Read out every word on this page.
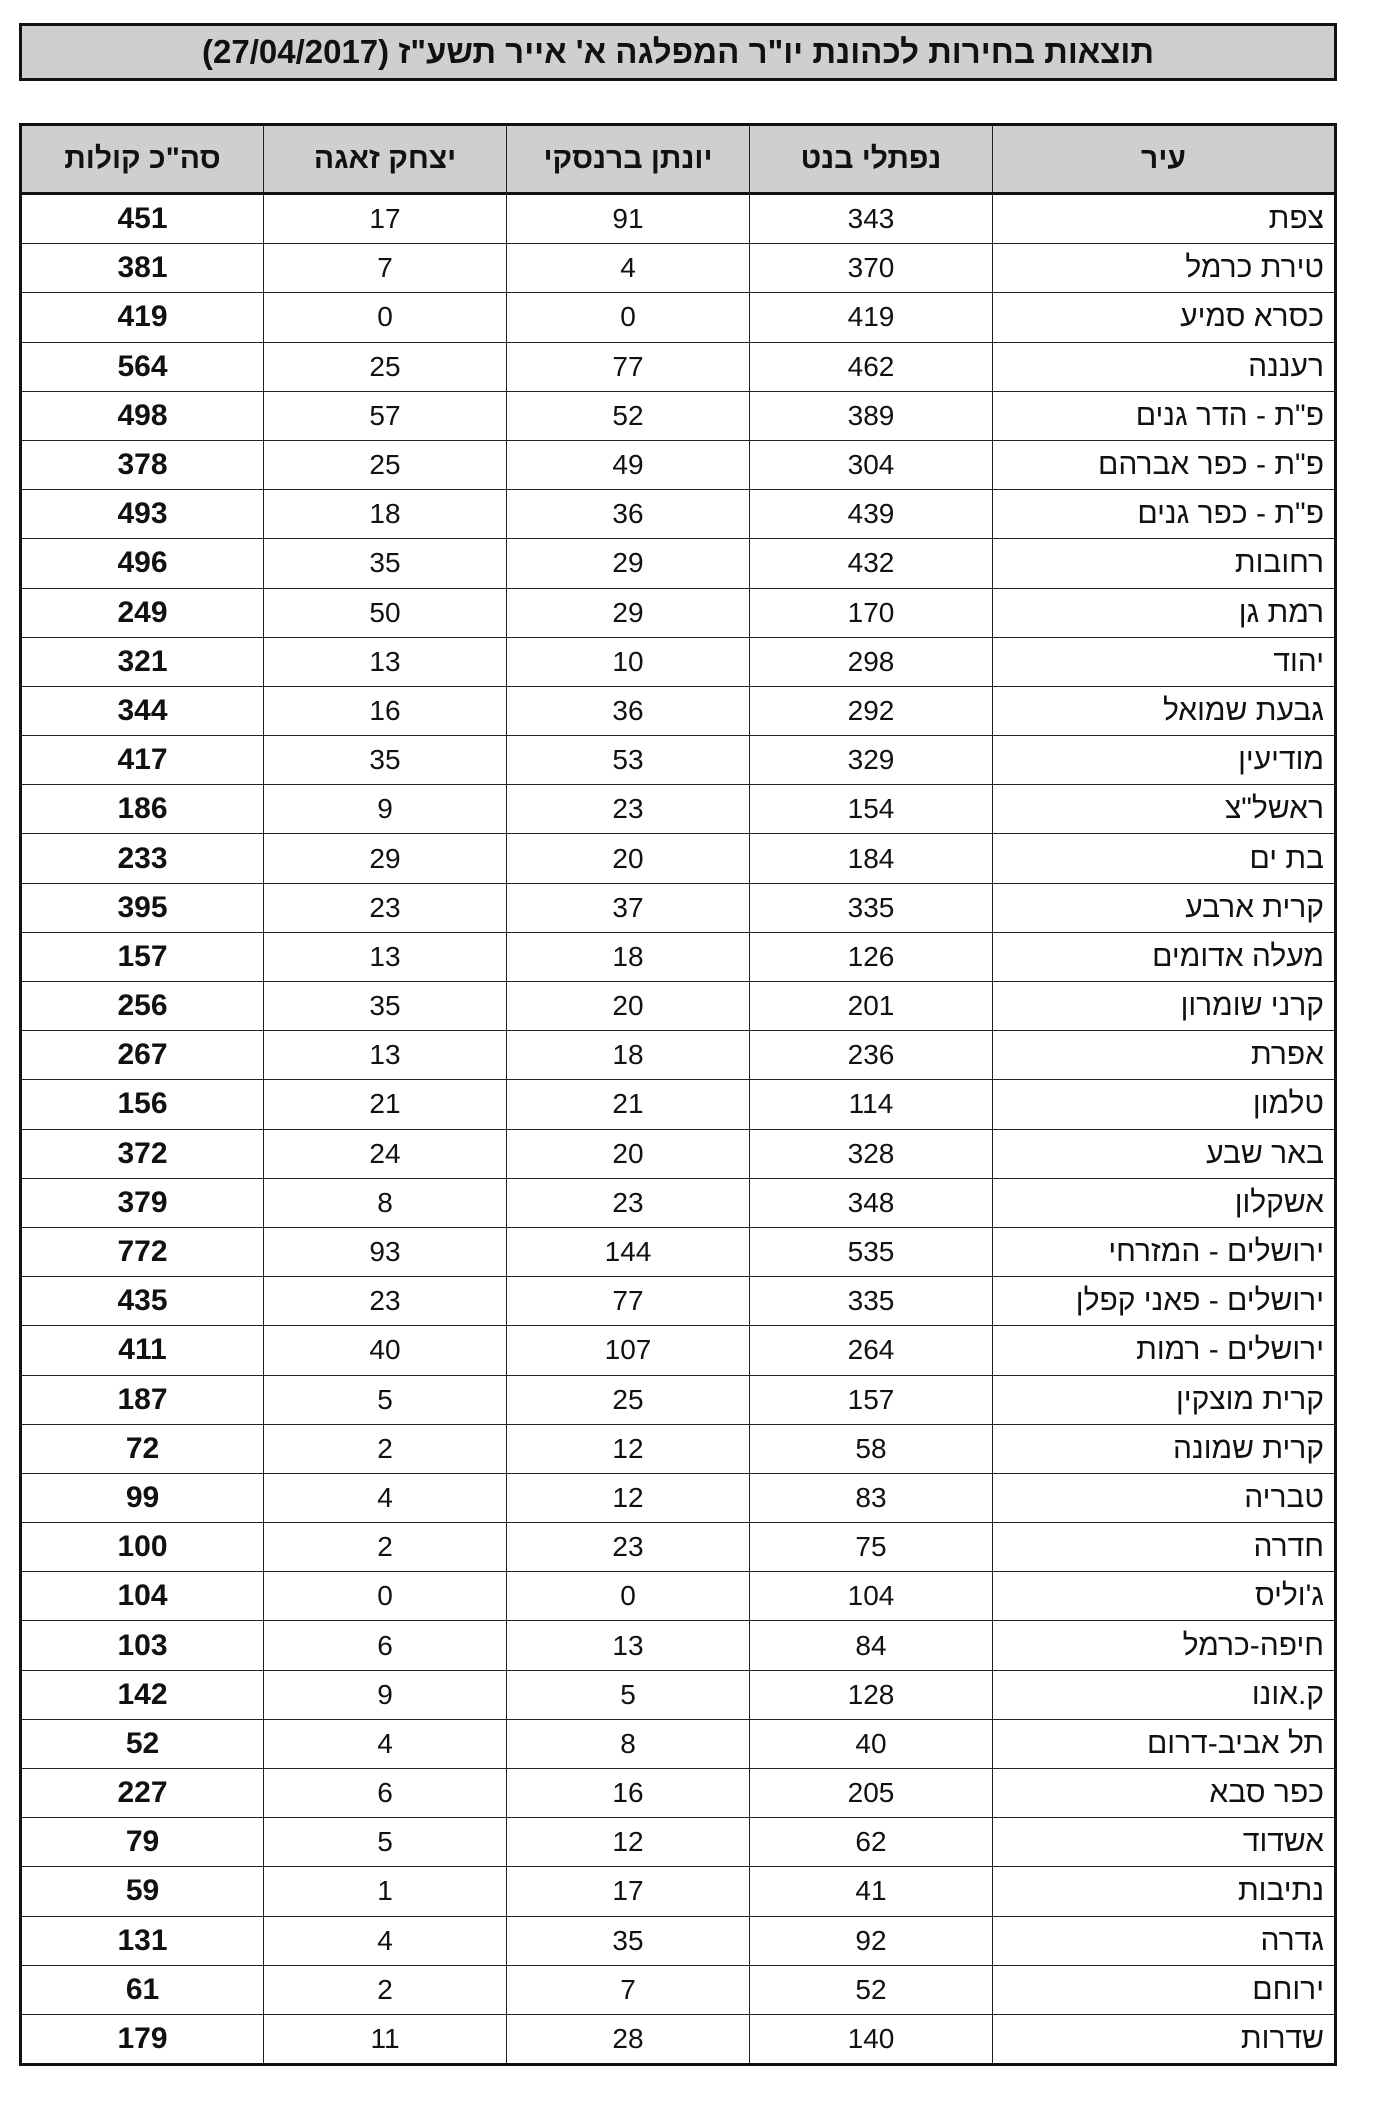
תוצאות בחירות לכהונת יו"ר המפלגה א' אייר תשע"ז (27/04/2017)
עיר	נפתלי בנט	יונתן ברנסקי	יצחק זאגה	סה"כ קולות
צפת	343	91	17	451
טירת כרמל	370	4	7	381
כסרא סמיע	419	0	0	419
רעננה	462	77	25	564
פ"ת - הדר גנים	389	52	57	498
פ"ת - כפר אברהם	304	49	25	378
פ"ת - כפר גנים	439	36	18	493
רחובות	432	29	35	496
רמת גן	170	29	50	249
יהוד	298	10	13	321
גבעת שמואל	292	36	16	344
מודיעין	329	53	35	417
ראשל"צ	154	23	9	186
בת ים	184	20	29	233
קרית ארבע	335	37	23	395
מעלה אדומים	126	18	13	157
קרני שומרון	201	20	35	256
אפרת	236	18	13	267
טלמון	114	21	21	156
באר שבע	328	20	24	372
אשקלון	348	23	8	379
ירושלים - המזרחי	535	144	93	772
ירושלים - פאני קפלן	335	77	23	435
ירושלים - רמות	264	107	40	411
קרית מוצקין	157	25	5	187
קרית שמונה	58	12	2	72
טבריה	83	12	4	99
חדרה	75	23	2	100
ג'וליס	104	0	0	104
חיפה-כרמל	84	13	6	103
ק.אונו	128	5	9	142
תל אביב-דרום	40	8	4	52
כפר סבא	205	16	6	227
אשדוד	62	12	5	79
נתיבות	41	17	1	59
גדרה	92	35	4	131
ירוחם	52	7	2	61
שדרות	140	28	11	179
